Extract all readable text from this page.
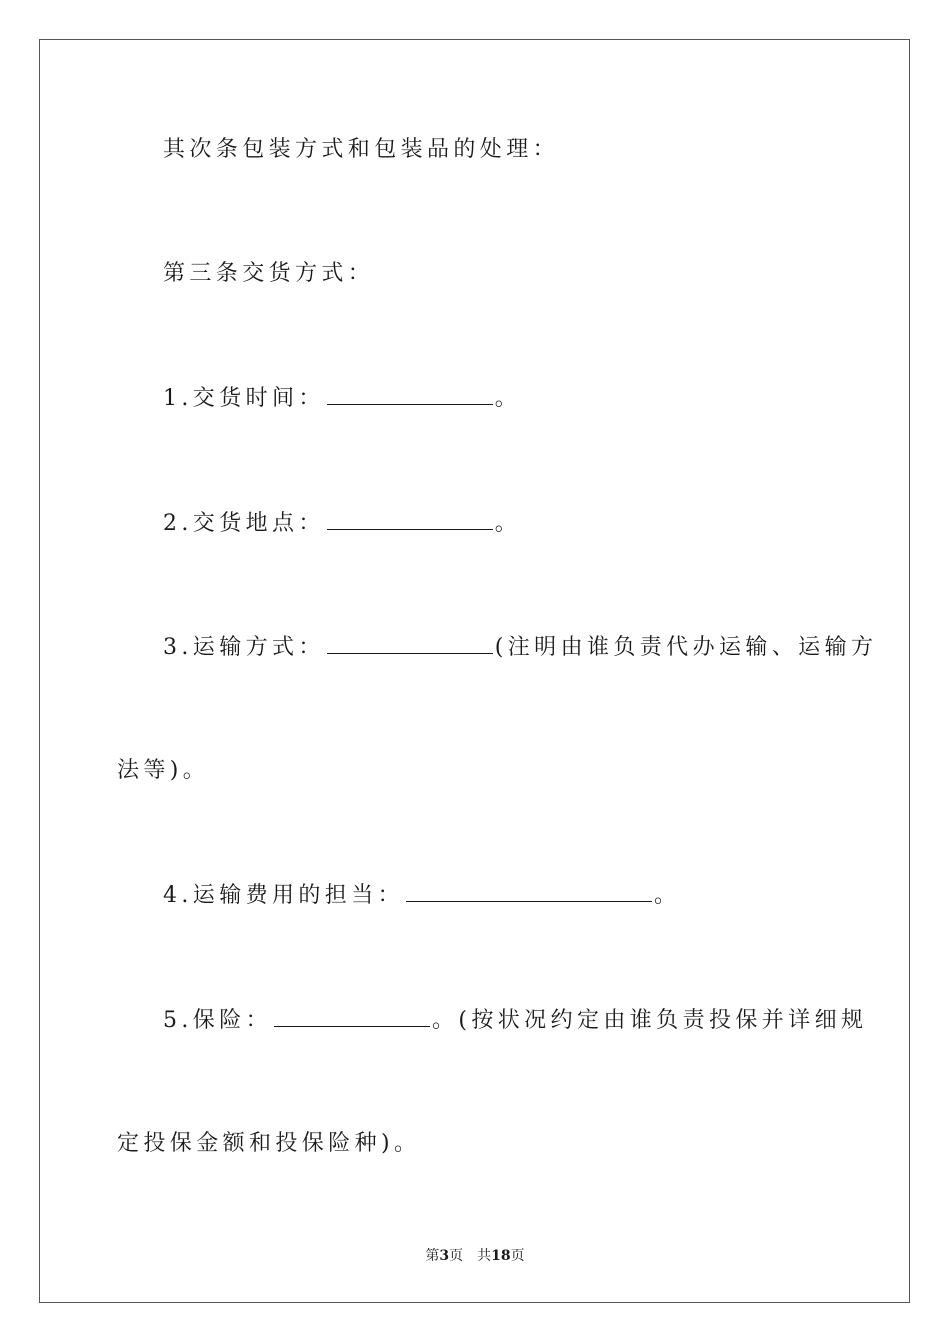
其次条包装方式和包装品的处理：
第三条交货方式：
1.交货时间：	。
2.交货地点：	。
3.运输方式：	(注明由谁负责代办运输、运输方
法等)。
4.运输费用的担当：	。
5.保险：	。(按状况约定由谁负责投保并详细规
定投保金额和投保险种)。
第3页 共18页
